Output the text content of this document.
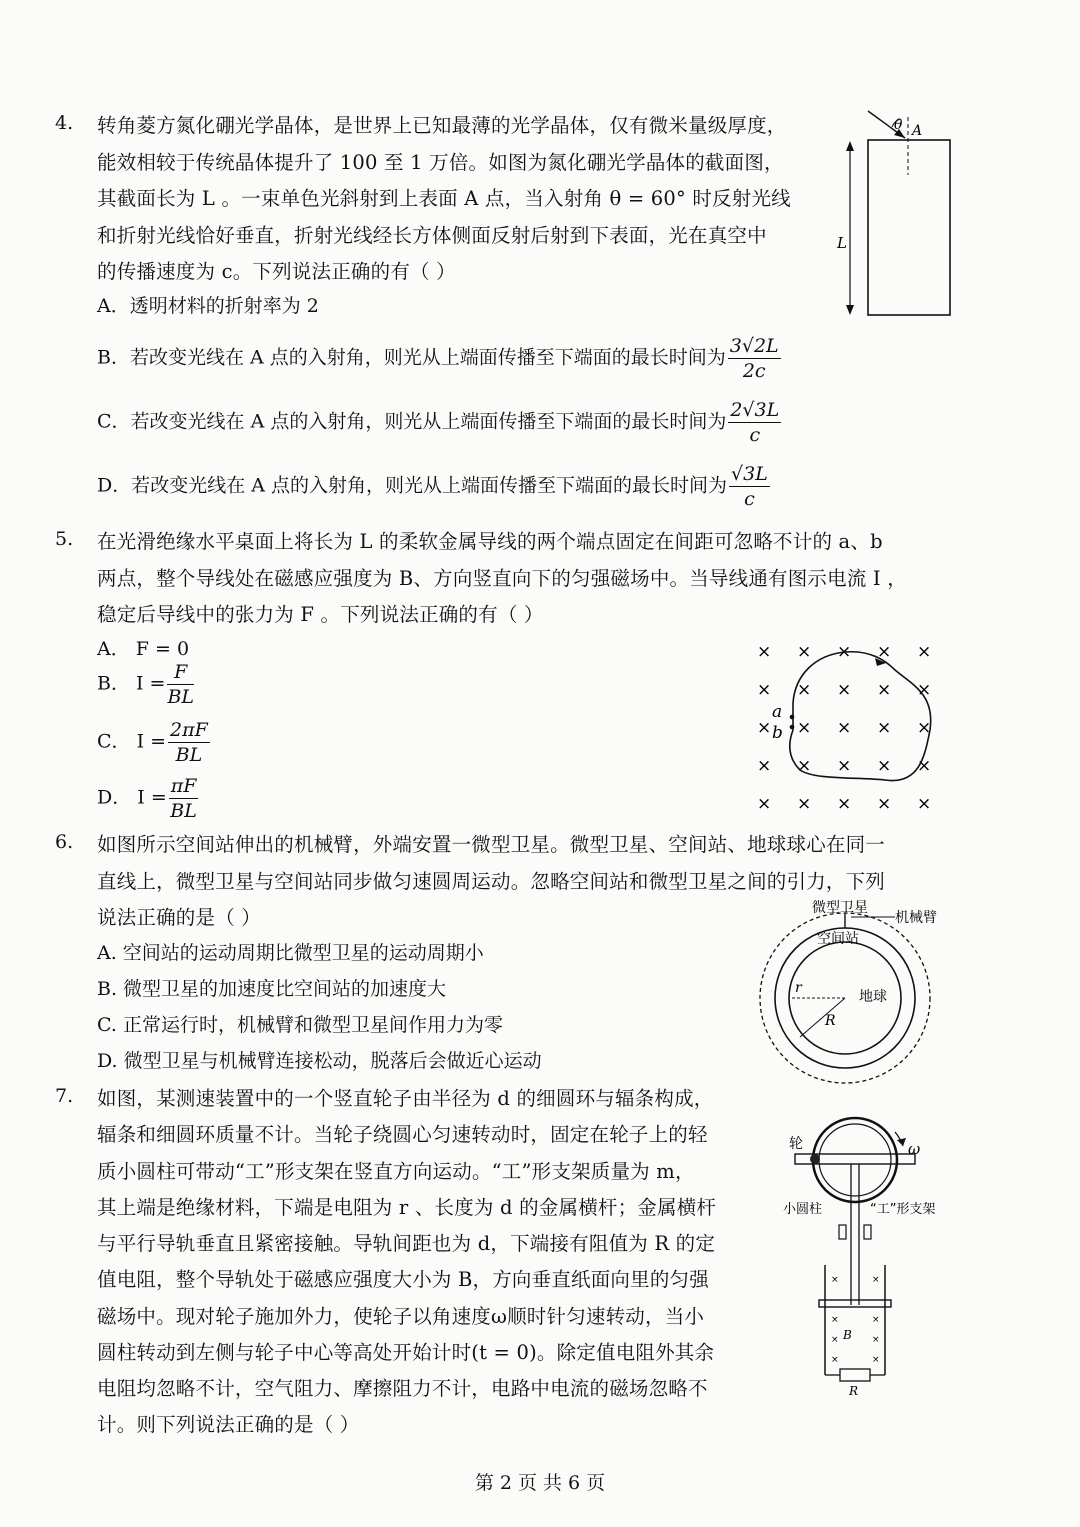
4. 转角菱方氮化硼光学晶体，是世界上已知最薄的光学晶体，仅有微米量级厚度，
能效相较于传统晶体提升了 100 至 1 万倍。如图为氮化硼光学晶体的截面图，
其截面长为 L 。一束单色光斜射到上表面 A 点，当入射角 θ = 60° 时反射光线
和折射光线恰好垂直，折射光线经长方体侧面反射后射到下表面，光在真空中
的传播速度为 c。下列说法正确的有（ ）
A．透明材料的折射率为 2
B．若改变光线在 A 点的入射角，则光从上端面传播至下端面的最长时间为 $\frac{3√2L}{2c}$
C．若改变光线在 A 点的入射角，则光从上端面传播至下端面的最长时间为 $\frac{2√3L}{c}$
D．若改变光线在 A 点的入射角，则光从上端面传播至下端面的最长时间为 $\frac{√3L}{c}$
θ A
L
5. 在光滑绝缘水平桌面上将长为 L 的柔软金属导线的两个端点固定在间距可忽略不计的 a、b
两点，整个导线处在磁感应强度为 B、方向竖直向下的匀强磁场中。当导线通有图示电流 I ，
稳定后导线中的张力为 F 。下列说法正确的有（ ）
A． F = 0
B． $I = \frac{F}{BL}$
C． $I = \frac{2\pi F}{BL}$
D． $I = \frac{\pi F}{BL}$
× × × × ×
× × × × ×
× × × × ×
× × × × ×
× × × × ×
a
b
6. 如图所示空间站伸出的机械臂，外端安置一微型卫星。微型卫星、空间站、地球球心在同一
直线上，微型卫星与空间站同步做匀速圆周运动。忽略空间站和微型卫星之间的引力，下列
说法正确的是（ ）
A. 空间站的运动周期比微型卫星的运动周期小
B. 微型卫星的加速度比空间站的加速度大
C. 正常运行时，机械臂和微型卫星间作用力为零
D. 微型卫星与机械臂连接松动，脱落后会做近心运动
微型卫星
机械臂
空间站
地球
r
R
7. 如图，某测速装置中的一个竖直轮子由半径为 d 的细圆环与辐条构成，
辐条和细圆环质量不计。当轮子绕圆心匀速转动时，固定在轮子上的轻
质小圆柱可带动“工”形支架在竖直方向运动。“工”形支架质量为 m，
其上端是绝缘材料，下端是电阻为 r 、长度为 d 的金属横杆；金属横杆
与平行导轨垂直且紧密接触。导轨间距也为 d，下端接有阻值为 R 的定
值电阻，整个导轨处于磁感应强度大小为 B，方向垂直纸面向里的匀强
磁场中。现对轮子施加外力，使轮子以角速度ω顺时针匀速转动，当小
圆柱转动到左侧与轮子中心等高处开始计时(t = 0)。除定值电阻外其余
电阻均忽略不计，空气阻力、摩擦阻力不计，电路中电流的磁场忽略不
计。则下列说法正确的是（ ）
ω
轮
小圆柱	“工”形支架
R
B
×	×
×	×
×	×
×	×
第 2 页 共 6 页
